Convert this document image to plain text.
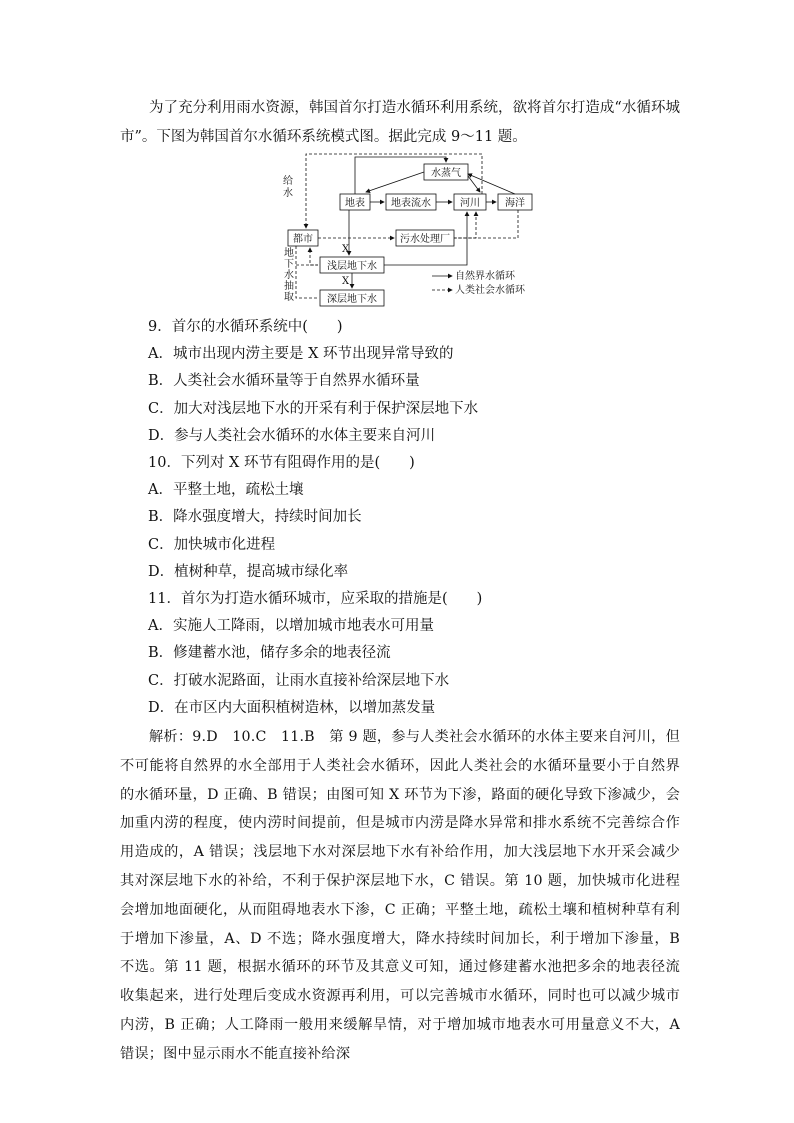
为了充分利用雨水资源，韩国首尔打造水循环利用系统，欲将首尔打造成“水循环城市”。下图为韩国首尔水循环系统模式图。据此完成 9～11 题。

水蒸气
地表	地表流水	河川	海洋
都市	污水处理厂
浅层地下水
深层地下水
给水
地下水抽取
X
X	自然界水循环
人类社会水循环
9．首尔的水循环系统中(　　)
A．城市出现内涝主要是 X 环节出现异常导致的
B．人类社会水循环量等于自然界水循环量
C．加大对浅层地下水的开采有利于保护深层地下水
D．参与人类社会水循环的水体主要来自河川
10．下列对 X 环节有阻碍作用的是(　　)
A．平整土地，疏松土壤
B．降水强度增大，持续时间加长
C．加快城市化进程
D．植树种草，提高城市绿化率
11．首尔为打造水循环城市，应采取的措施是(　　)
A．实施人工降雨，以增加城市地表水可用量
B．修建蓄水池，储存多余的地表径流
C．打破水泥路面，让雨水直接补给深层地下水
D．在市区内大面积植树造林，以增加蒸发量

解析：9.D　10.C　11.B　第 9 题，参与人类社会水循环的水体主要来自河川，但不可能将自然界的水全部用于人类社会水循环，因此人类社会的水循环量要小于自然界的水循环量，D 正确、B 错误；由图可知 X 环节为下渗，路面的硬化导致下渗减少，会加重内涝的程度，使内涝时间提前，但是城市内涝是降水异常和排水系统不完善综合作用造成的，A 错误；浅层地下水对深层地下水有补给作用，加大浅层地下水开采会减少其对深层地下水的补给，不利于保护深层地下水，C 错误。第 10 题，加快城市化进程会增加地面硬化，从而阻碍地表水下渗，C 正确；平整土地，疏松土壤和植树种草有利于增加下渗量，A、D 不选；降水强度增大，降水持续时间加长，利于增加下渗量，B 不选。第 11 题，根据水循环的环节及其意义可知，通过修建蓄水池把多余的地表径流收集起来，进行处理后变成水资源再利用，可以完善城市水循环，同时也可以减少城市内涝，B 正确；人工降雨一般用来缓解旱情，对于增加城市地表水可用量意义不大，A 错误；图中显示雨水不能直接补给深
